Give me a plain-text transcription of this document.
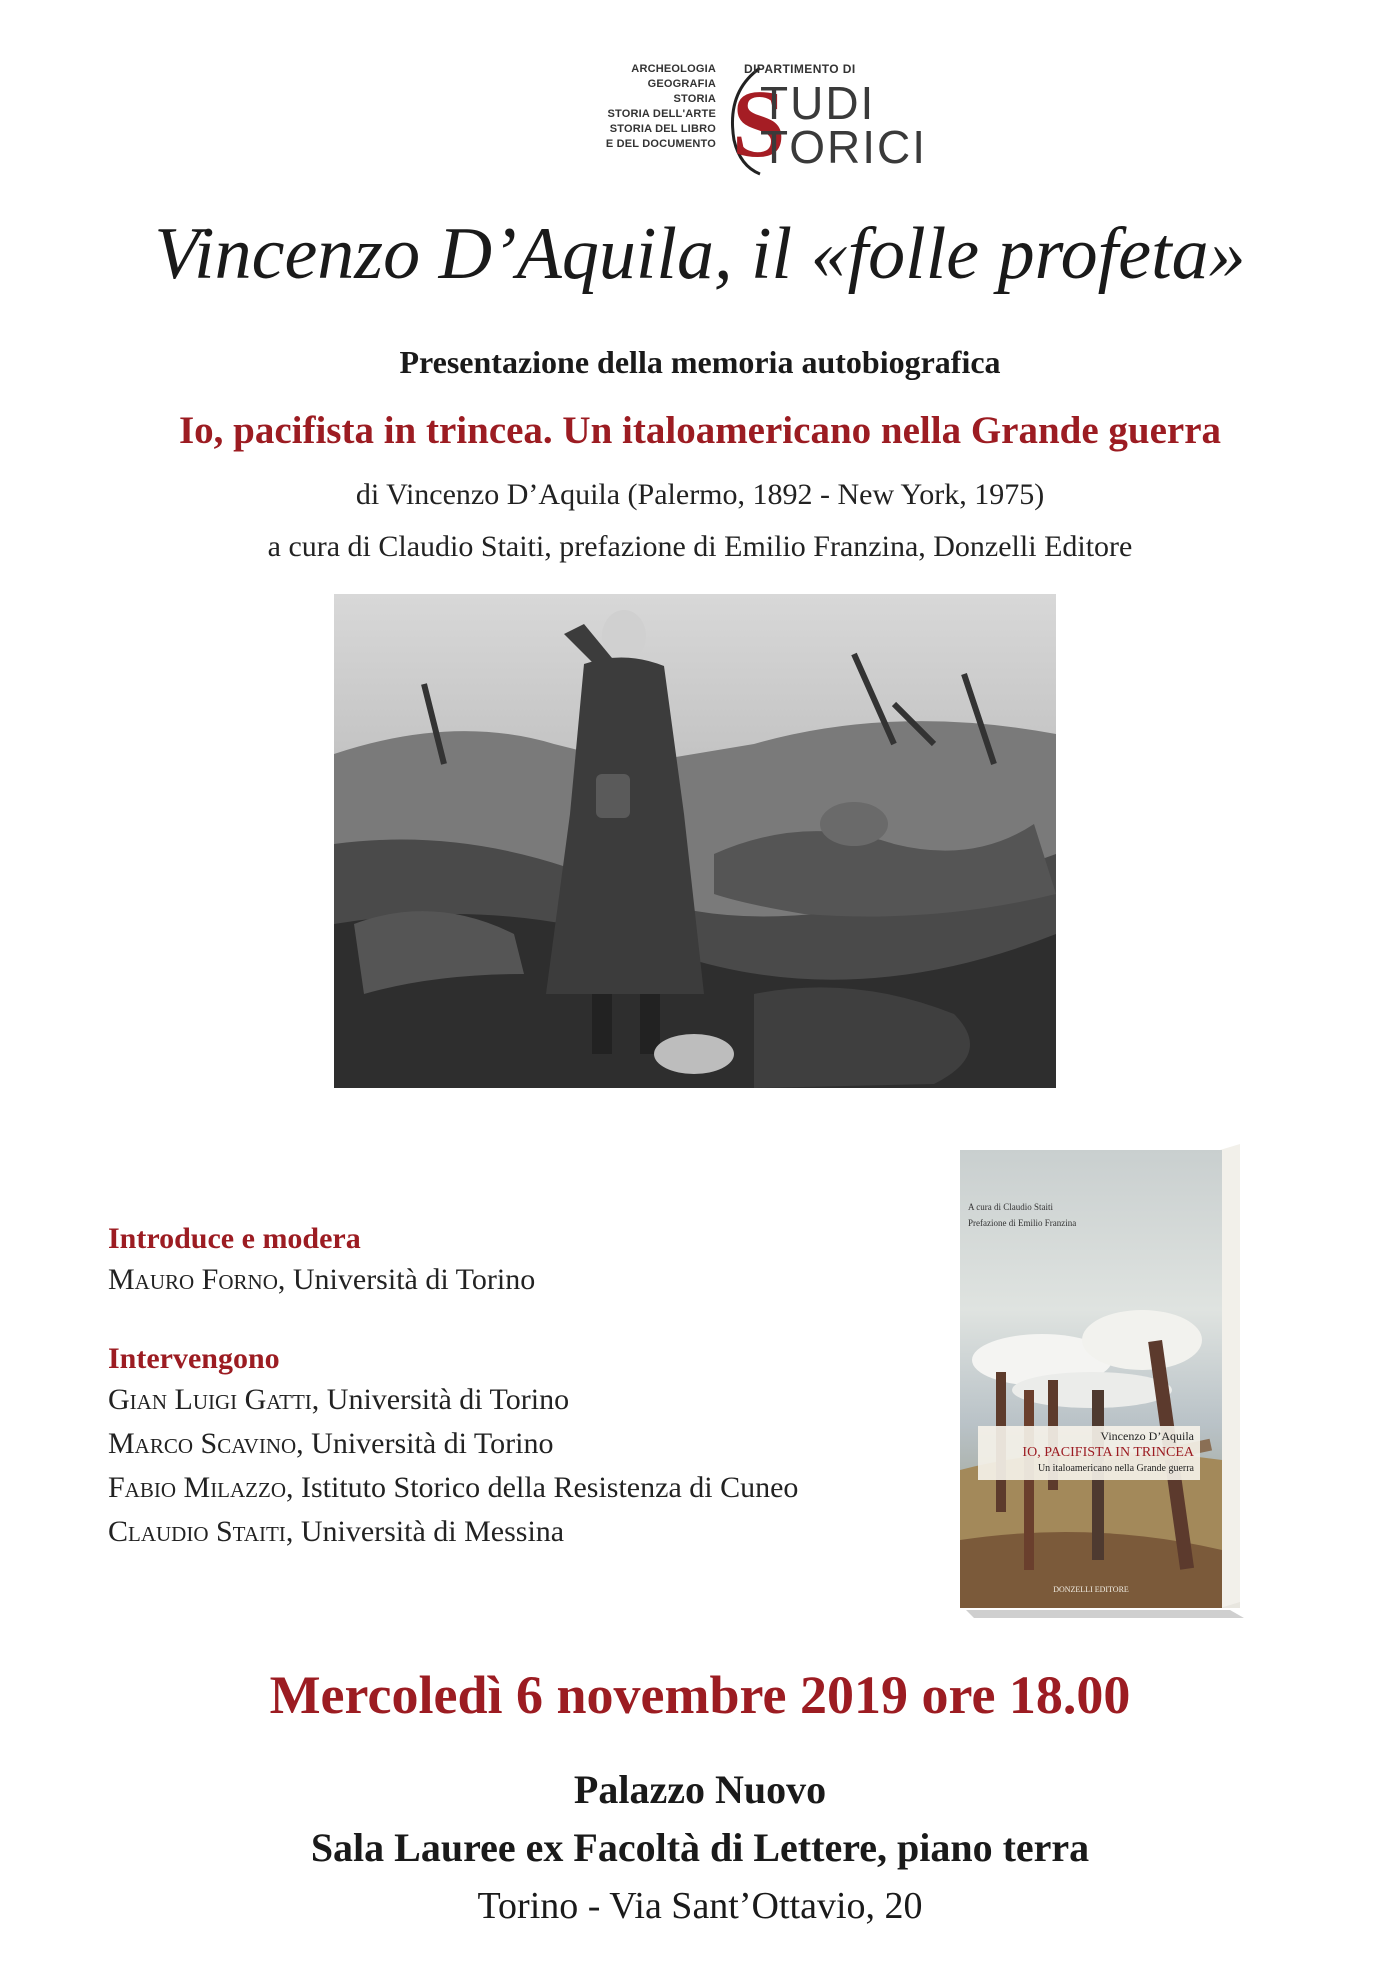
ARCHEOLOGIA
GEOGRAFIA
STORIA
STORIA DELL'ARTE
STORIA DEL LIBRO
E DEL DOCUMENTO
DIPARTIMENTO DI
S
TUDI
TORICI
Vincenzo D’Aquila, il «folle profeta»
Presentazione della memoria autobiografica
Io, pacifista in trincea. Un italoamericano nella Grande guerra
di Vincenzo D’Aquila (Palermo, 1892 - New York, 1975)
a cura di Claudio Staiti, prefazione di Emilio Franzina, Donzelli Editore
Introduce e modera
Mauro Forno, Università di Torino
Intervengono
Gian Luigi Gatti, Università di Torino
Marco Scavino, Università di Torino
Fabio Milazzo, Istituto Storico della Resistenza di Cuneo
Claudio Staiti, Università di Messina
A cura di Claudio Staiti
Prefazione di Emilio Franzina
Vincenzo D’Aquila
IO, PACIFISTA IN TRINCEA
Un italoamericano nella Grande guerra
DONZELLI EDITORE
Mercoledì 6 novembre 2019 ore 18.00
Palazzo Nuovo
Sala Lauree ex Facoltà di Lettere, piano terra
Torino - Via Sant’Ottavio, 20
